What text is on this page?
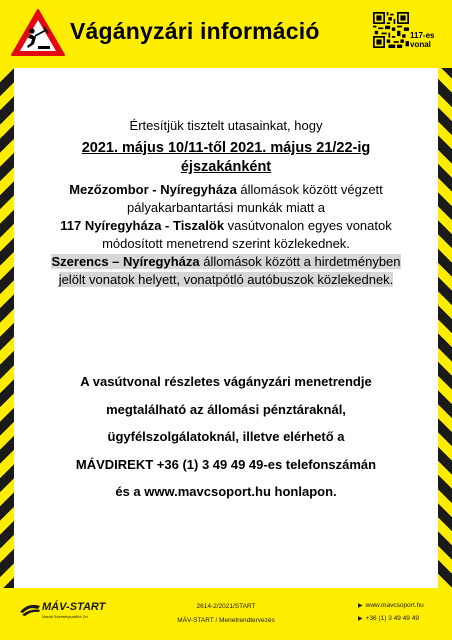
Vágányzári információ	117-es
vonal
Értesítjük tisztelt utasainkat, hogy
2021. május 10/11-től 2021. május 21/22-ig
éjszakánként
Mezőzombor - Nyíregyháza állomások között végzett
pályakarbantartási munkák miatt a
117 Nyíregyháza - Tiszalök vasútvonalon egyes vonatok
módosított menetrend szerint közlekednek.
Szerencs – Nyíregyháza állomások között a hirdetményben
jelölt vonatok helyett, vonatpótló autóbuszok közlekednek.
A vasútvonal részletes vágányzári menetrendje
megtalálható az állomási pénztáraknál,
ügyfélszolgálatoknál, illetve elérhető a
MÁVDIREKT +36 (1) 3 49 49 49-es telefonszámán
és a www.mavcsoport.hu honlapon.
MÁV-START
Vasúti Személyszállító Zrt.
2614-2/2021/START
MÁV-START / Menetrendtervezés
▶ www.mavcsoport.hu
▶ +36 (1) 3 49 49 49
